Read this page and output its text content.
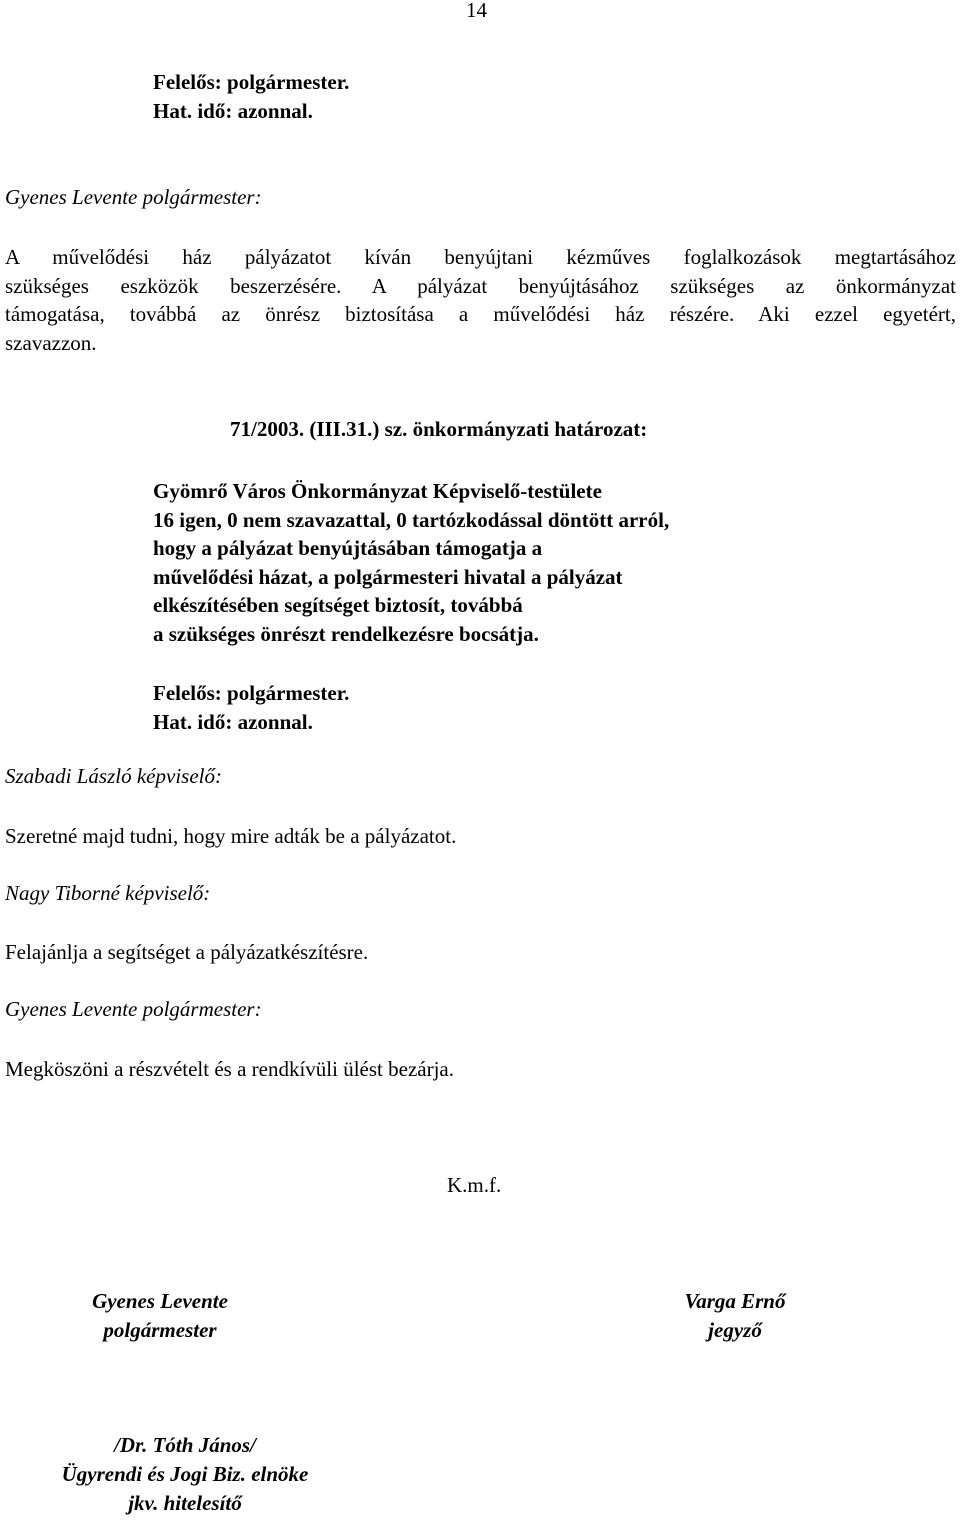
14
Felelős: polgármester.
Hat. idő: azonnal.
Gyenes Levente polgármester:
A művelődési ház pályázatot kíván benyújtani kézműves foglalkozások megtartásához
szükséges eszközök beszerzésére. A pályázat benyújtásához szükséges az önkormányzat
támogatása, továbbá az önrész biztosítása a művelődési ház részére. Aki ezzel egyetért,
szavazzon.
71/2003. (III.31.) sz. önkormányzati határozat:
Gyömrő Város Önkormányzat Képviselő-testülete
16 igen, 0 nem szavazattal, 0 tartózkodással döntött arról,
hogy a pályázat benyújtásában támogatja a
művelődési házat, a polgármesteri hivatal a pályázat
elkészítésében segítséget biztosít, továbbá
a szükséges önrészt rendelkezésre bocsátja.
Felelős: polgármester.
Hat. idő: azonnal.
Szabadi László képviselő:
Szeretné majd tudni, hogy mire adták be a pályázatot.
Nagy Tiborné képviselő:
Felajánlja a segítséget a pályázatkészítésre.
Gyenes Levente polgármester:
Megköszöni a részvételt és a rendkívüli ülést bezárja.
K.m.f.
Gyenes Levente
polgármester
Varga Ernő
jegyző
/Dr. Tóth János/
Ügyrendi és Jogi Biz. elnöke
jkv. hitelesítő
